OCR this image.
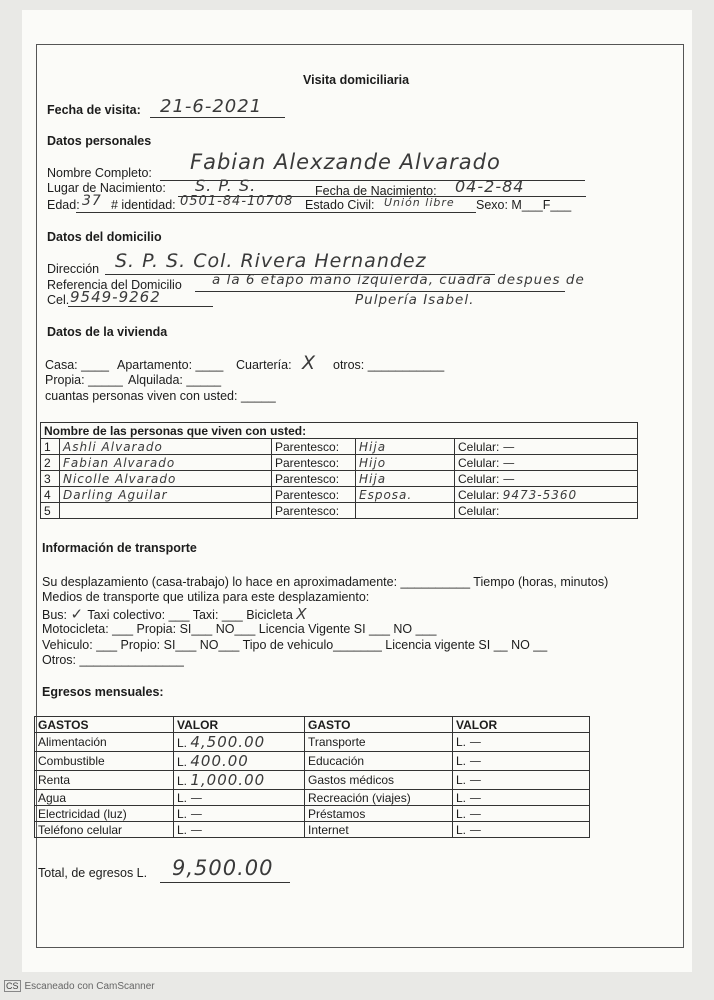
Visita domiciliaria
Fecha de visita: 21-6-2021
Datos personales
Nombre Completo: Fabian Alexzande Alvarado
Lugar de Nacimiento: S. P. S.	Fecha de Nacimiento: 04-2-84
Edad: 37 # identidad: 0501-84-10708 Estado Civil: Unión libre Sexo: M___F___
Datos del domicilio
Dirección S. P. S. Col. Rivera Hernandez
Referencia del Domicilio a la 6 etapo mano izquierda, cuadra despues de
Cel. 9549-9262	Pulpería Isabel.
Datos de la vivienda
Casa: ____ Apartamento: ____ Cuartería: X otros: ___________
Propia: _____ Alquilada: _____
cuantas personas viven con usted: _____
Nombre de las personas que viven con usted:				
1	Ashli Alvarado	Parentesco:	Hija	Celular: —
2	Fabian Alvarado	Parentesco:	Hijo	Celular: —
3	Nicolle Alvarado	Parentesco:	Hija	Celular: —
4	Darling Aguilar	Parentesco:	Esposa.	Celular: 9473-5360
5		Parentesco:		Celular:
Información de transporte
Su desplazamiento (casa-trabajo) lo hace en aproximadamente: __________ Tiempo (horas, minutos)
Medios de transporte que utiliza para este desplazamiento:
Bus: ✓ Taxi colectivo: ___ Taxi: ___ Bicicleta X
Motocicleta: ___ Propia: SI___ NO___ Licencia Vigente SI ___ NO ___
Vehiculo: ___ Propio: SI___ NO___ Tipo de vehiculo_______ Licencia vigente SI __ NO __
Otros: _______________
Egresos mensuales:
GASTOS	VALOR	GASTO	VALOR
Alimentación	L. 4,500.00	Transporte	L. —
Combustible	L. 400.00	Educación	L. —
Renta	L. 1,000.00	Gastos médicos	L. —
Agua	L. —	Recreación (viajes)	L. —
Electricidad (luz)	L. —	Préstamos	L. —
Teléfono celular	L. —	Internet	L. —
Total, de egresos L. 9,500.00
CS Escaneado con CamScanner
